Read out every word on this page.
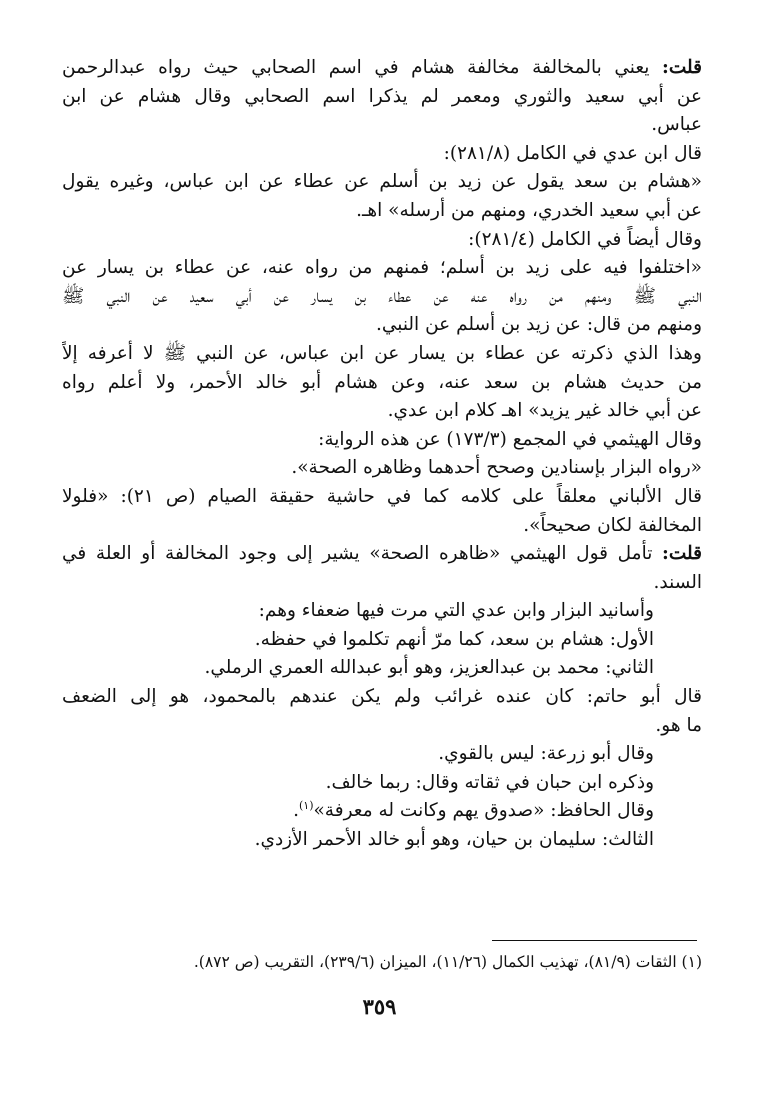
قلت: يعني بالمخالفة مخالفة هشام في اسم الصحابي حيث رواه عبدالرحمن
عن أبي سعيد والثوري ومعمر لم يذكرا اسم الصحابي وقال هشام عن ابن
عباس.
قال ابن عدي في الكامل (٢٨١/٨):
«هشام بن سعد يقول عن زيد بن أسلم عن عطاء عن ابن عباس، وغيره يقول
عن أبي سعيد الخدري، ومنهم من أرسله» اهـ.
وقال أيضاً في الكامل (٢٨١/٤):
«اختلفوا فيه على زيد بن أسلم؛ فمنهم من رواه عنه، عن عطاء بن يسار عن
النبي ﷺ ومنهم من رواه عنه عن عطاء بن يسار عن أبي سعيد عن النبي ﷺ
ومنهم من قال: عن زيد بن أسلم عن النبي.
وهذا الذي ذكرته عن عطاء بن يسار عن ابن عباس، عن النبي ﷺ لا أعرفه إلاً
من حديث هشام بن سعد عنه، وعن هشام أبو خالد الأحمر، ولا أعلم رواه
عن أبي خالد غير يزيد» اهـ كلام ابن عدي.
وقال الهيثمي في المجمع (١٧٣/٣) عن هذه الرواية:
«رواه البزار بإسنادين وصحح أحدهما وظاهره الصحة».
قال الألباني معلقاً على كلامه كما في حاشية حقيقة الصيام (ص ٢١): «فلولا
المخالفة لكان صحيحاً».
قلت: تأمل قول الهيثمي «ظاهره الصحة» يشير إلى وجود المخالفة أو العلة في
السند.
وأسانيد البزار وابن عدي التي مرت فيها ضعفاء وهم:
الأول: هشام بن سعد، كما مرّ أنهم تكلموا في حفظه.
الثاني: محمد بن عبدالعزيز، وهو أبو عبدالله العمري الرملي.
قال أبو حاتم: كان عنده غرائب ولم يكن عندهم بالمحمود، هو إلى الضعف
ما هو.
وقال أبو زرعة: ليس بالقوي.
وذكره ابن حبان في ثقاته وقال: ربما خالف.
وقال الحافظ: «صدوق يهم وكانت له معرفة»$^{(١)}$.
الثالث: سليمان بن حيان، وهو أبو خالد الأحمر الأزدي.
(١) الثقات (٨١/٩)، تهذيب الكمال (١١/٢٦)، الميزان (٢٣٩/٦)، التقريب (ص ٨٧٢).
٣٥٩
